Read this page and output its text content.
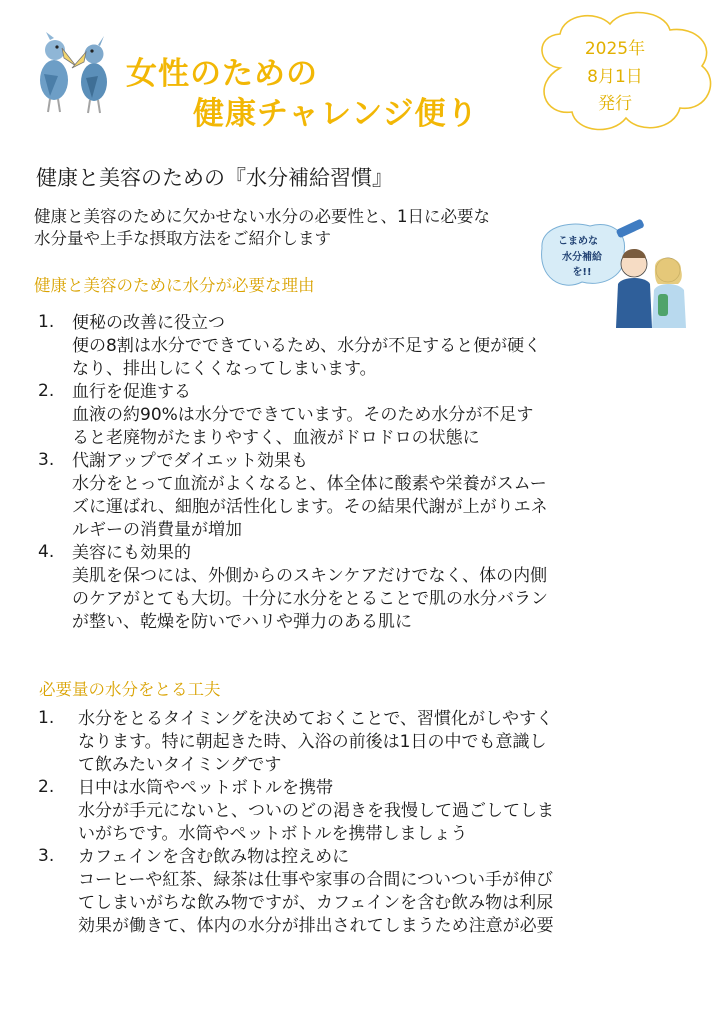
女性のための
健康チャレンジ便り
2025年
8月1日
発行
健康と美容のための『水分補給習慣』
健康と美容のために欠かせない水分の必要性と、1日に必要な
水分量や上手な摂取方法をご紹介します	こまめな
水分補給
を!!
健康と美容のために水分が必要な理由
1. 便秘の改善に役立つ
便の8割は水分でできているため、水分が不足すると便が硬く
なり、排出しにくくなってしまいます。
2. 血行を促進する
血液の約90%は水分でできています。そのため水分が不足す
ると老廃物がたまりやすく、血液がドロドロの状態に
3. 代謝アップでダイエット効果も
水分をとって血流がよくなると、体全体に酸素や栄養がスムー
ズに運ばれ、細胞が活性化します。その結果代謝が上がりエネ
ルギーの消費量が増加
4. 美容にも効果的
美肌を保つには、外側からのスキンケアだけでなく、体の内側
のケアがとても大切。十分に水分をとることで肌の水分バラン
が整い、乾燥を防いでハリや弾力のある肌に
必要量の水分をとる工夫
1. 水分をとるタイミングを決めておくことで、習慣化がしやすく
なります。特に朝起きた時、入浴の前後は1日の中でも意識し
て飲みたいタイミングです
2. 日中は水筒やペットボトルを携帯
水分が手元にないと、ついのどの渇きを我慢して過ごしてしま
いがちです。水筒やペットボトルを携帯しましょう
3. カフェインを含む飲み物は控えめに
コーヒーや紅茶、緑茶は仕事や家事の合間についつい手が伸び
てしまいがちな飲み物ですが、カフェインを含む飲み物は利尿
効果が働きて、体内の水分が排出されてしまうため注意が必要
